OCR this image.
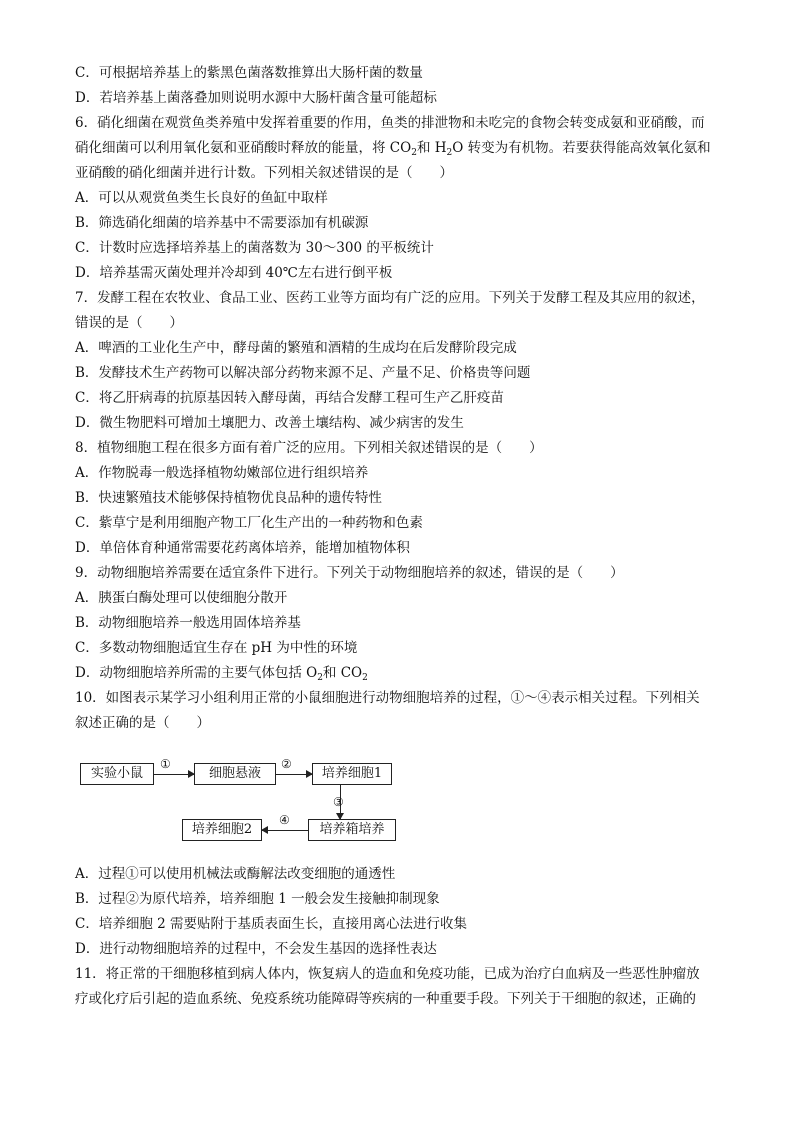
C．可根据培养基上的紫黑色菌落数推算出大肠杆菌的数量
D．若培养基上菌落叠加则说明水源中大肠杆菌含量可能超标
6．硝化细菌在观赏鱼类养殖中发挥着重要的作用，鱼类的排泄物和未吃完的食物会转变成氨和亚硝酸，而
硝化细菌可以利用氧化氨和亚硝酸时释放的能量，将 $CO_2$和 $H_2O$ 转变为有机物。若要获得能高效氧化氨和
亚硝酸的硝化细菌并进行计数。下列相关叙述错误的是（　　）
A．可以从观赏鱼类生长良好的鱼缸中取样
B．筛选硝化细菌的培养基中不需要添加有机碳源
C．计数时应选择培养基上的菌落数为 30～300 的平板统计
D．培养基需灭菌处理并冷却到 40℃左右进行倒平板
7．发酵工程在农牧业、食品工业、医药工业等方面均有广泛的应用。下列关于发酵工程及其应用的叙述，
错误的是（　　）
A．啤酒的工业化生产中，酵母菌的繁殖和酒精的生成均在后发酵阶段完成
B．发酵技术生产药物可以解决部分药物来源不足、产量不足、价格贵等问题
C．将乙肝病毒的抗原基因转入酵母菌，再结合发酵工程可生产乙肝疫苗
D．微生物肥料可增加土壤肥力、改善土壤结构、减少病害的发生
8．植物细胞工程在很多方面有着广泛的应用。下列相关叙述错误的是（　　）
A．作物脱毒一般选择植物幼嫩部位进行组织培养
B．快速繁殖技术能够保持植物优良品种的遗传特性
C．紫草宁是利用细胞产物工厂化生产出的一种药物和色素
D．单倍体育种通常需要花药离体培养，能增加植物体积
9．动物细胞培养需要在适宜条件下进行。下列关于动物细胞培养的叙述，错误的是（　　）
A．胰蛋白酶处理可以使细胞分散开
B．动物细胞培养一般选用固体培养基
C．多数动物细胞适宜生存在 pH 为中性的环境
D．动物细胞培养所需的主要气体包括 $O_2$和 $CO_2$
10．如图表示某学习小组利用正常的小鼠细胞进行动物细胞培养的过程，①～④表示相关过程。下列相关
叙述正确的是（　　）
实验小鼠
①
细胞悬液
②
培养细胞1
③
培养箱培养
④
培养细胞2
A．过程①可以使用机械法或酶解法改变细胞的通透性
B．过程②为原代培养，培养细胞 1 一般会发生接触抑制现象
C．培养细胞 2 需要贴附于基质表面生长，直接用离心法进行收集
D．进行动物细胞培养的过程中，不会发生基因的选择性表达
11．将正常的干细胞移植到病人体内，恢复病人的造血和免疫功能，已成为治疗白血病及一些恶性肿瘤放
疗或化疗后引起的造血系统、免疫系统功能障碍等疾病的一种重要手段。下列关于干细胞的叙述，正确的
